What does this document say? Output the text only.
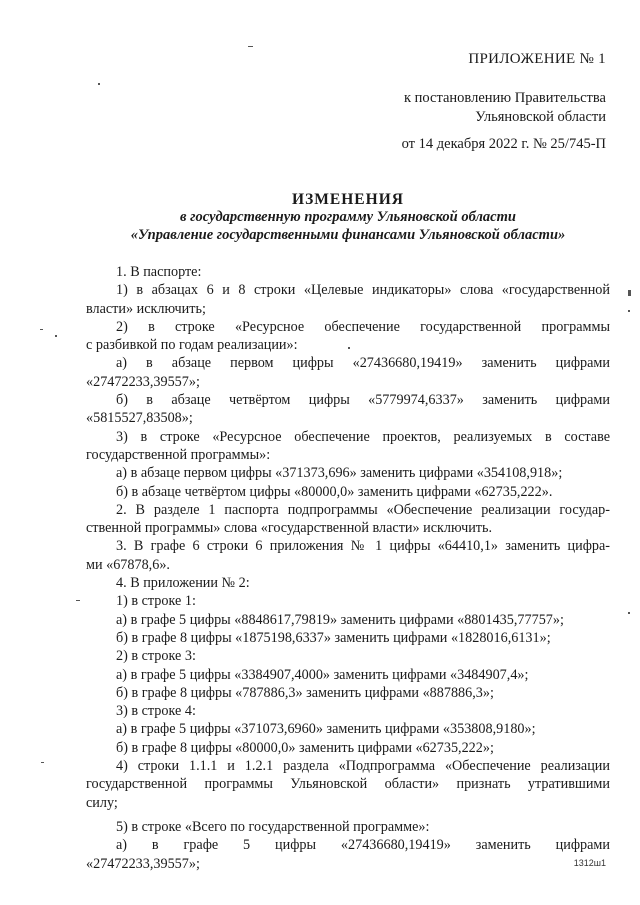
ПРИЛОЖЕНИЕ № 1
к постановлению Правительства
Ульяновской области
от 14 декабря 2022 г. № 25/745-П
ИЗМЕНЕНИЯ
в государственную программу Ульяновской области
«Управление государственными финансами Ульяновской области»
1. В паспорте:
1) в абзацах 6 и 8 строки «Целевые индикаторы» слова «государственной
власти» исключить;
2) в строке «Ресурсное обеспечение государственной программы
с разбивкой по годам реализации»:
а) в абзаце первом цифры «27436680,19419» заменить цифрами
«27472233,39557»;
б) в абзаце четвёртом цифры «5779974,6337» заменить цифрами
«5815527,83508»;
3) в строке «Ресурсное обеспечение проектов, реализуемых в составе
государственной программы»:
а) в абзаце первом цифры «371373,696» заменить цифрами «354108,918»;
б) в абзаце четвёртом цифры «80000,0» заменить цифрами «62735,222».
2. В разделе 1 паспорта подпрограммы «Обеспечение реализации государ-
ственной программы» слова «государственной власти» исключить.
3. В графе 6 строки 6 приложения № 1 цифры «64410,1» заменить цифра-
ми «67878,6».
4. В приложении № 2:
1) в строке 1:
а) в графе 5 цифры «8848617,79819» заменить цифрами «8801435,77757»;
б) в графе 8 цифры «1875198,6337» заменить цифрами «1828016,6131»;
2) в строке 3:
а) в графе 5 цифры «3384907,4000» заменить цифрами «3484907,4»;
б) в графе 8 цифры «787886,3» заменить цифрами «887886,3»;
3) в строке 4:
а) в графе 5 цифры «371073,6960» заменить цифрами «353808,9180»;
б) в графе 8 цифры «80000,0» заменить цифрами «62735,222»;
4) строки 1.1.1 и 1.2.1 раздела «Подпрограмма «Обеспечение реализации
государственной программы Ульяновской области» признать утратившими
силу;
5) в строке «Всего по государственной программе»:
а) в графе 5 цифры «27436680,19419» заменить цифрами
«27472233,39557»;	1312ш1
